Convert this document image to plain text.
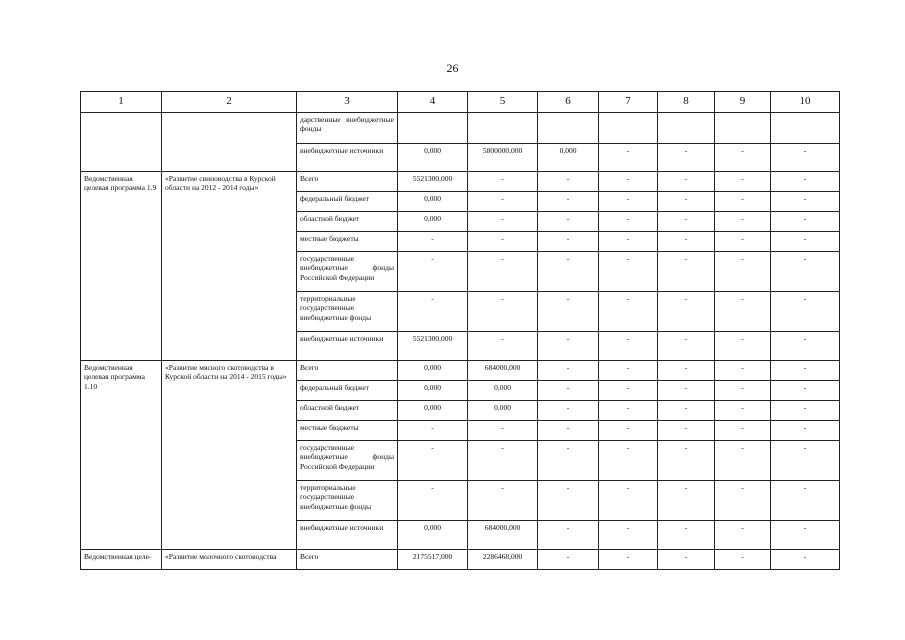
26
1	2	3	4	5	6	7	8	9	10
		дарственные внебюджетные фонды							
		внебюджетные источники	0,000	5800000,000	0,000	-	-	-	-
Ведомственная целевая программа 1.9	«Развитие свиноводства в Курской области на 2012 - 2014 годы»	Всего	5521300,000	-	-	-	-	-	-
		федеральный бюджет	0,000	-	-	-	-	-	-
		областной бюджет	0,000	-	-	-	-	-	-
		местные бюджеты	-	-	-	-	-	-	-
		государственные внебюджетные фонды Российской Федерации	-	-	-	-	-	-	-
		территориальные государственные внебюджетные фонды	-	-	-	-	-	-	-
		внебюджетные источники	5521300,000	-	-	-	-	-	-
Ведомственная целевая программа 1.10	«Развитие мясного скотоводства в Курской области на 2014 - 2015 годы»	Всего	0,000	684000,000	-	-	-	-	-
		федеральный бюджет	0,000	0,000	-	-	-	-	-
		областной бюджет	0,000	0,000	-	-	-	-	-
		местные бюджеты	-	-	-	-	-	-	-
		государственные внебюджетные фонды Российской Федерации	-	-	-	-	-	-	-
		территориальные государственные внебюджетные фонды	-	-	-	-	-	-	-
		внебюджетные источники	0,000	684000,000	-	-	-	-	-
Ведомственная целе-	«Развитие молочного скотоводства	Всего	2175517,000	2286468,000	-	-	-	-	-
